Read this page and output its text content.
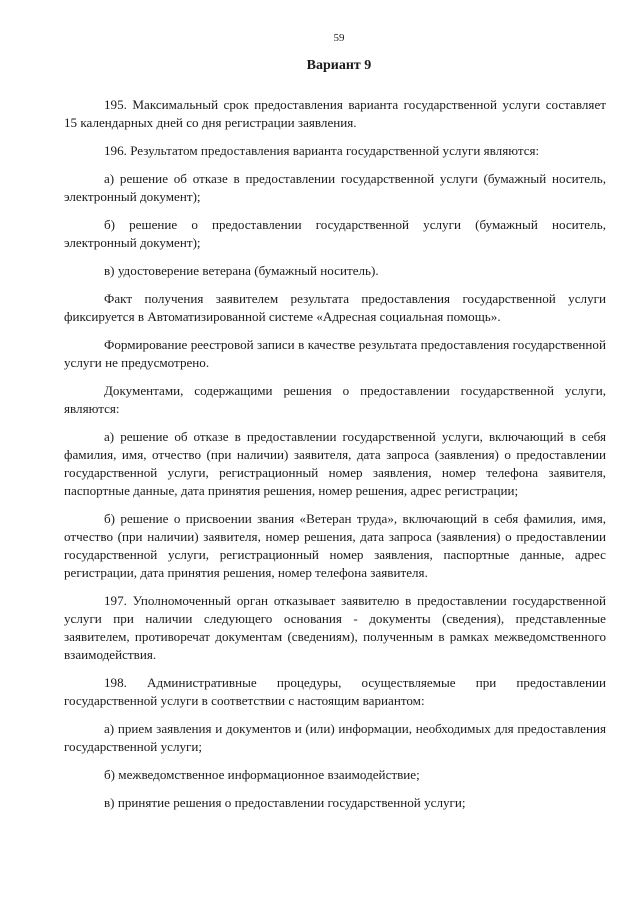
59
Вариант 9

195. Максимальный срок предоставления варианта государственной услуги составляет 15 календарных дней со дня регистрации заявления.

196. Результатом предоставления варианта государственной услуги являются:

а) решение об отказе в предоставлении государственной услуги (бумажный носитель, электронный документ);

б) решение о предоставлении государственной услуги (бумажный носитель, электронный документ);

в) удостоверение ветерана (бумажный носитель).

Факт получения заявителем результата предоставления государственной услуги фиксируется в Автоматизированной системе «Адресная социальная помощь».

Формирование реестровой записи в качестве результата предоставления государственной услуги не предусмотрено.

Документами, содержащими решения о предоставлении государственной услуги, являются:

а) решение об отказе в предоставлении государственной услуги, включающий в себя фамилия, имя, отчество (при наличии) заявителя, дата запроса (заявления) о предоставлении государственной услуги, регистрационный номер заявления, номер телефона заявителя, паспортные данные, дата принятия решения, номер решения, адрес регистрации;

б) решение о присвоении звания «Ветеран труда», включающий в себя фамилия, имя, отчество (при наличии) заявителя, номер решения, дата запроса (заявления) о предоставлении государственной услуги, регистрационный номер заявления, паспортные данные, адрес регистрации, дата принятия решения, номер телефона заявителя.

197. Уполномоченный орган отказывает заявителю в предоставлении государственной услуги при наличии следующего основания - документы (сведения), представленные заявителем, противоречат документам (сведениям), полученным в рамках межведомственного взаимодействия.

198. Административные процедуры, осуществляемые при предоставлении государственной услуги в соответствии с настоящим вариантом:

а) прием заявления и документов и (или) информации, необходимых для предоставления государственной услуги;

б) межведомственное информационное взаимодействие;

в) принятие решения о предоставлении государственной услуги;
